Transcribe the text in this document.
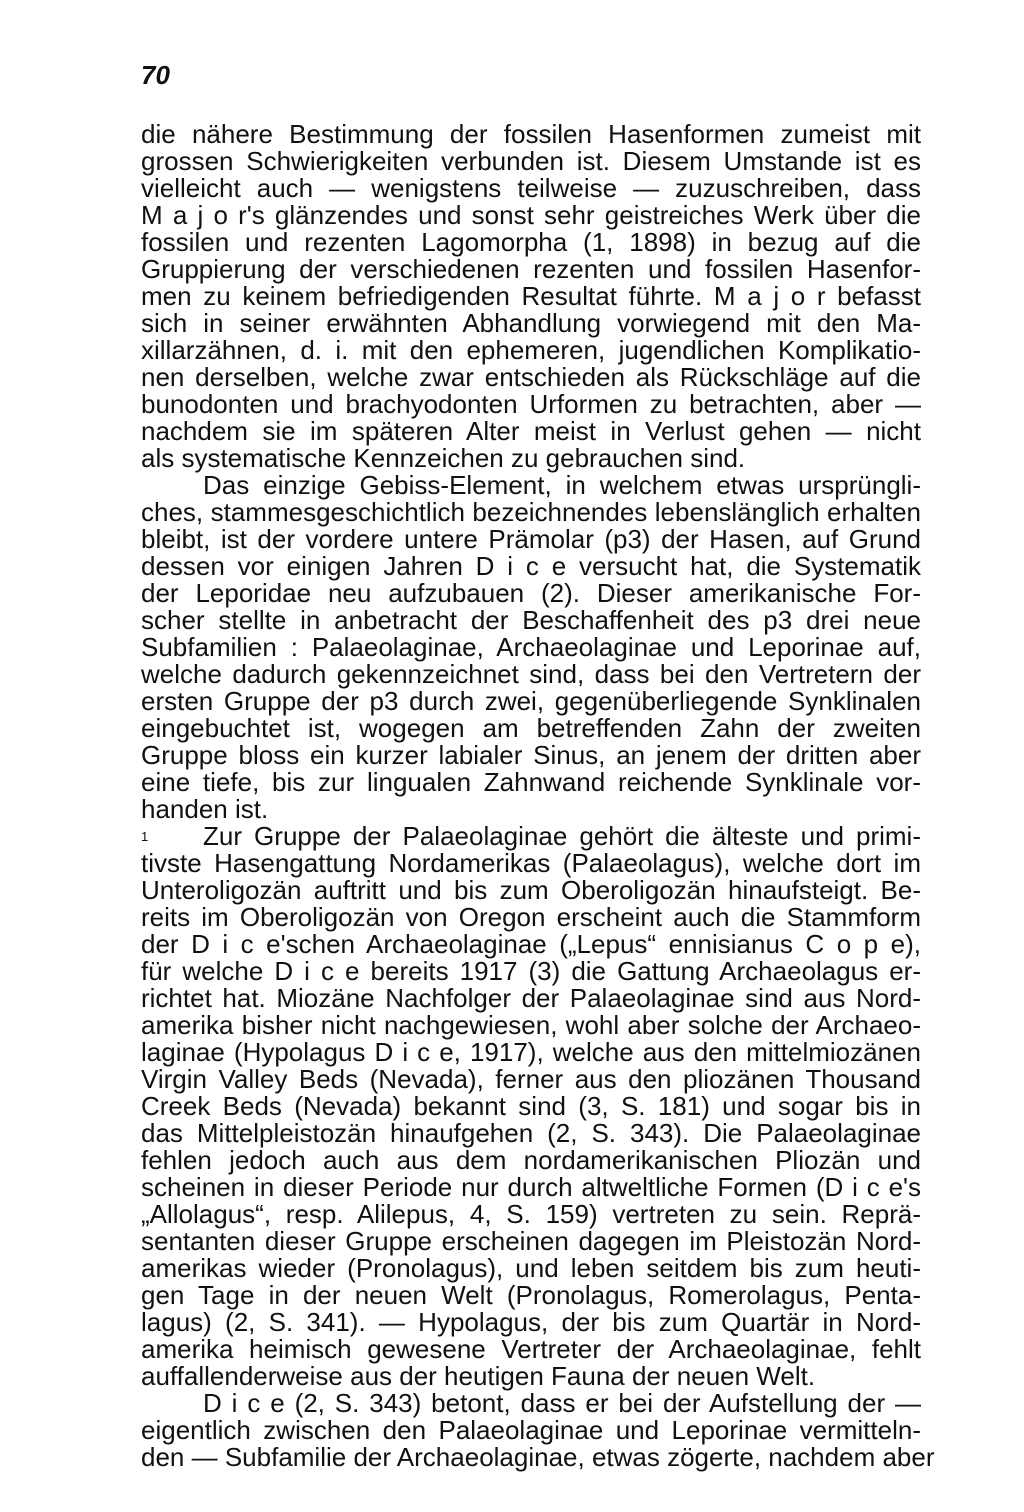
70
die nähere Bestimmung der fossilen Hasenformen zumeist mit
grossen Schwierigkeiten verbunden ist. Diesem Umstande ist es
vielleicht auch — wenigstens teilweise — zuzuschreiben, dass
M a j o r's glänzendes und sonst sehr geistreiches Werk über die
fossilen und rezenten Lagomorpha (1, 1898) in bezug auf die
Gruppierung der verschiedenen rezenten und fossilen Hasenfor-
men zu keinem befriedigenden Resultat führte. M a j o r befasst
sich in seiner erwähnten Abhandlung vorwiegend mit den Ma-
xillarzähnen, d. i. mit den ephemeren, jugendlichen Komplikatio-
nen derselben, welche zwar entschieden als Rückschläge auf die
bunodonten und brachyodonten Urformen zu betrachten, aber —
nachdem sie im späteren Alter meist in Verlust gehen — nicht
als systematische Kennzeichen zu gebrauchen sind.
Das einzige Gebiss-Element, in welchem etwas ursprüngli-
ches, stammesgeschichtlich bezeichnendes lebenslänglich erhalten
bleibt, ist der vordere untere Prämolar (p3) der Hasen, auf Grund
dessen vor einigen Jahren D i c e versucht hat, die Systematik
der Leporidae neu aufzubauen (2). Dieser amerikanische For-
scher stellte in anbetracht der Beschaffenheit des p3 drei neue
Subfamilien : Palaeolaginae, Archaeolaginae und Leporinae auf,
welche dadurch gekennzeichnet sind, dass bei den Vertretern der
ersten Gruppe der p3 durch zwei, gegenüberliegende Synklinalen
eingebuchtet ist, wogegen am betreffenden Zahn der zweiten
Gruppe bloss ein kurzer labialer Sinus, an jenem der dritten aber
eine tiefe, bis zur lingualen Zahnwand reichende Synklinale vor-
handen ist.
1 Zur Gruppe der Palaeolaginae gehört die älteste und primi-
tivste Hasengattung Nordamerikas (Palaeolagus), welche dort im
Unteroligozän auftritt und bis zum Oberoligozän hinaufsteigt. Be-
reits im Oberoligozän von Oregon erscheint auch die Stammform
der D i c e'schen Archaeolaginae („Lepus“ ennisianus C o p e),
für welche D i c e bereits 1917 (3) die Gattung Archaeolagus er-
richtet hat. Miozäne Nachfolger der Palaeolaginae sind aus Nord-
amerika bisher nicht nachgewiesen, wohl aber solche der Archaeo-
laginae (Hypolagus D i c e, 1917), welche aus den mittelmiozänen
Virgin Valley Beds (Nevada), ferner aus den pliozänen Thousand
Creek Beds (Nevada) bekannt sind (3, S. 181) und sogar bis in
das Mittelpleistozän hinaufgehen (2, S. 343). Die Palaeolaginae
fehlen jedoch auch aus dem nordamerikanischen Pliozän und
scheinen in dieser Periode nur durch altweltliche Formen (D i c e's
„Allolagus“, resp. Alilepus, 4, S. 159) vertreten zu sein. Reprä-
sentanten dieser Gruppe erscheinen dagegen im Pleistozän Nord-
amerikas wieder (Pronolagus), und leben seitdem bis zum heuti-
gen Tage in der neuen Welt (Pronolagus, Romerolagus, Penta-
lagus) (2, S. 341). — Hypolagus, der bis zum Quartär in Nord-
amerika heimisch gewesene Vertreter der Archaeolaginae, fehlt
auffallenderweise aus der heutigen Fauna der neuen Welt.
D i c e (2, S. 343) betont, dass er bei der Aufstellung der —
eigentlich zwischen den Palaeolaginae und Leporinae vermitteln-
den — Subfamilie der Archaeolaginae, etwas zögerte, nachdem aber
